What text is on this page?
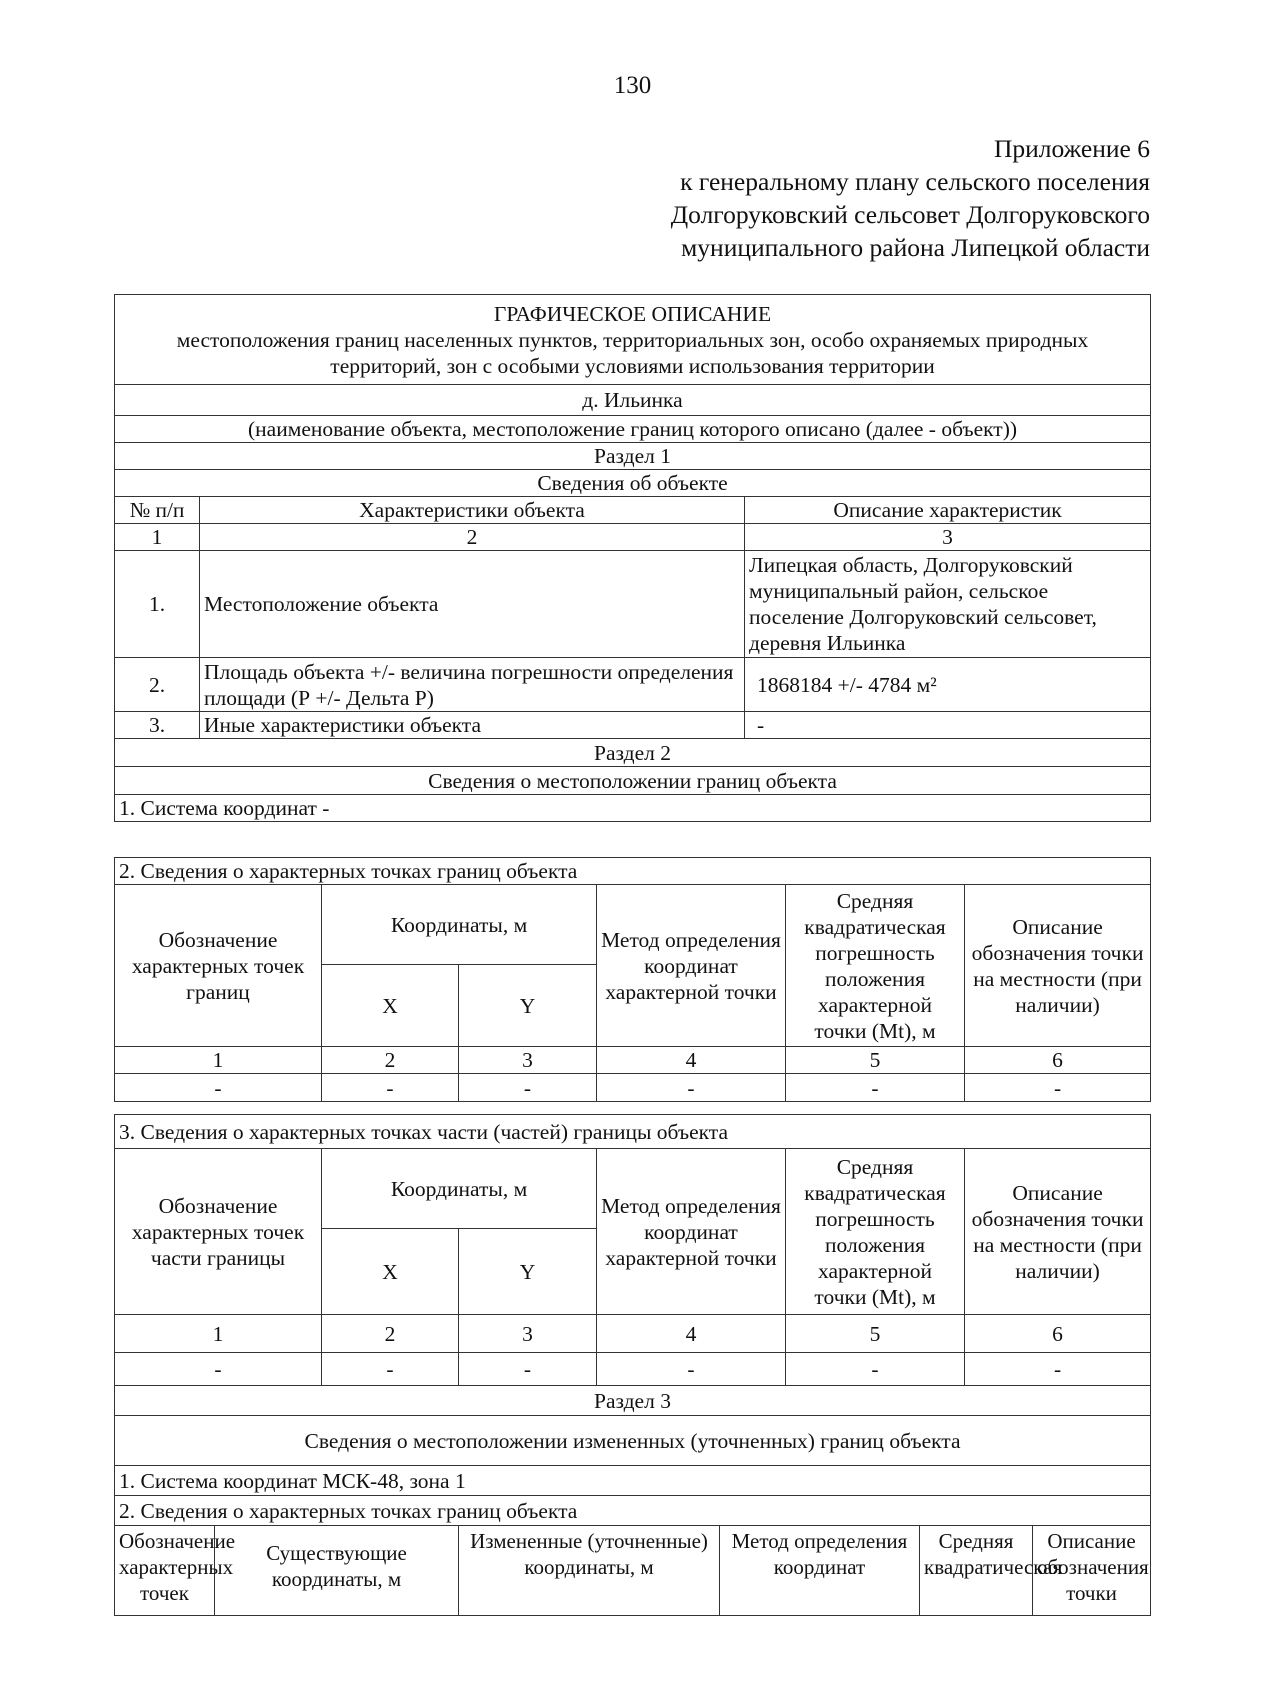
130
Приложение 6
к генеральному плану сельского поселения
Долгоруковский сельсовет Долгоруковского
муниципального района Липецкой области
ГРАФИЧЕСКОЕ ОПИСАНИЕ
местоположения границ населенных пунктов, территориальных зон, особо охраняемых природных территорий, зон с особыми условиями использования территории		

д. Ильинка		
(наименование объекта, местоположение границ которого описано (далее - объект))		
Раздел 1		
Сведения об объекте		
№ п/п	Характеристики объекта	Описание характеристик
1	2	3
1.	Местоположение объекта	Липецкая область, Долгоруковский муниципальный район, сельское поселение Долгоруковский сельсовет, деревня Ильинка
2.	Площадь объекта +/- величина погрешности определения площади (Р +/- Дельта Р)	1868184 +/- 4784 м²
3.	Иные характеристики объекта	-
Раздел 2		
Сведения о местоположении границ объекта		
1. Система координат -		
2. Сведения о характерных точках границ объекта					
Обозначение характерных точек границ	Координаты, м		Метод определения координат характерной точки	Средняя квадратическая погрешность положения характерной точки (Mt), м	Описание обозначения точки на местности (при наличии)
	X	Y			
1	2	3	4	5	6
-	-	-	-	-	-
3. Сведения о характерных точках части (частей) границы объекта					
Обозначение характерных точек части границы	Координаты, м		Метод определения координат характерной точки	Средняя квадратическая погрешность положения характерной точки (Mt), м	Описание обозначения точки на местности (при наличии)
	X	Y			
1	2	3	4	5	6
-	-	-	-	-	-
Раздел 3
Сведения о местоположении измененных (уточненных) границ объекта
1. Система координат МСК-48, зона 1
2. Сведения о характерных точках границ объекта
Обозначение характерных точек	Существующие координаты, м	Измененные (уточненные) координаты, м	Метод определения координат	Средняя квадратическая	Описание обозначения точки
